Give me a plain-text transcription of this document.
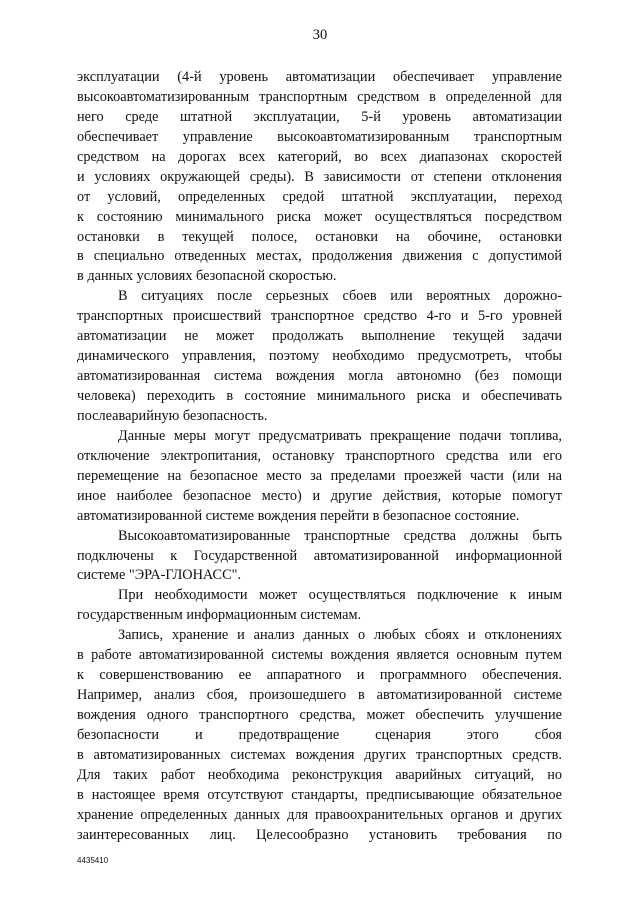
30
эксплуатации (4-й уровень автоматизации обеспечивает управление
высокоавтоматизированным транспортным средством в определенной для
него среде штатной эксплуатации, 5-й уровень автоматизации
обеспечивает управление высокоавтоматизированным транспортным
средством на дорогах всех категорий, во всех диапазонах скоростей
и условиях окружающей среды). В зависимости от степени отклонения
от условий, определенных средой штатной эксплуатации, переход
к состоянию минимального риска может осуществляться посредством
остановки в текущей полосе, остановки на обочине, остановки
в специально отведенных местах, продолжения движения с допустимой
в данных условиях безопасной скоростью.
В ситуациях после серьезных сбоев или вероятных дорожно-
транспортных происшествий транспортное средство 4-го и 5-го уровней
автоматизации не может продолжать выполнение текущей задачи
динамического управления, поэтому необходимо предусмотреть, чтобы
автоматизированная система вождения могла автономно (без помощи
человека) переходить в состояние минимального риска и обеспечивать
послеаварийную безопасность.
Данные меры могут предусматривать прекращение подачи топлива,
отключение электропитания, остановку транспортного средства или его
перемещение на безопасное место за пределами проезжей части (или на
иное наиболее безопасное место) и другие действия, которые помогут
автоматизированной системе вождения перейти в безопасное состояние.
Высокоавтоматизированные транспортные средства должны быть
подключены к Государственной автоматизированной информационной
системе "ЭРА-ГЛОНАСС".
При необходимости может осуществляться подключение к иным
государственным информационным системам.
Запись, хранение и анализ данных о любых сбоях и отклонениях
в работе автоматизированной системы вождения является основным путем
к совершенствованию ее аппаратного и программного обеспечения.
Например, анализ сбоя, произошедшего в автоматизированной системе
вождения одного транспортного средства, может обеспечить улучшение
безопасности и предотвращение сценария этого сбоя
в автоматизированных системах вождения других транспортных средств.
Для таких работ необходима реконструкция аварийных ситуаций, но
в настоящее время отсутствуют стандарты, предписывающие обязательное
хранение определенных данных для правоохранительных органов и других
заинтересованных лиц. Целесообразно установить требования по
4435410
